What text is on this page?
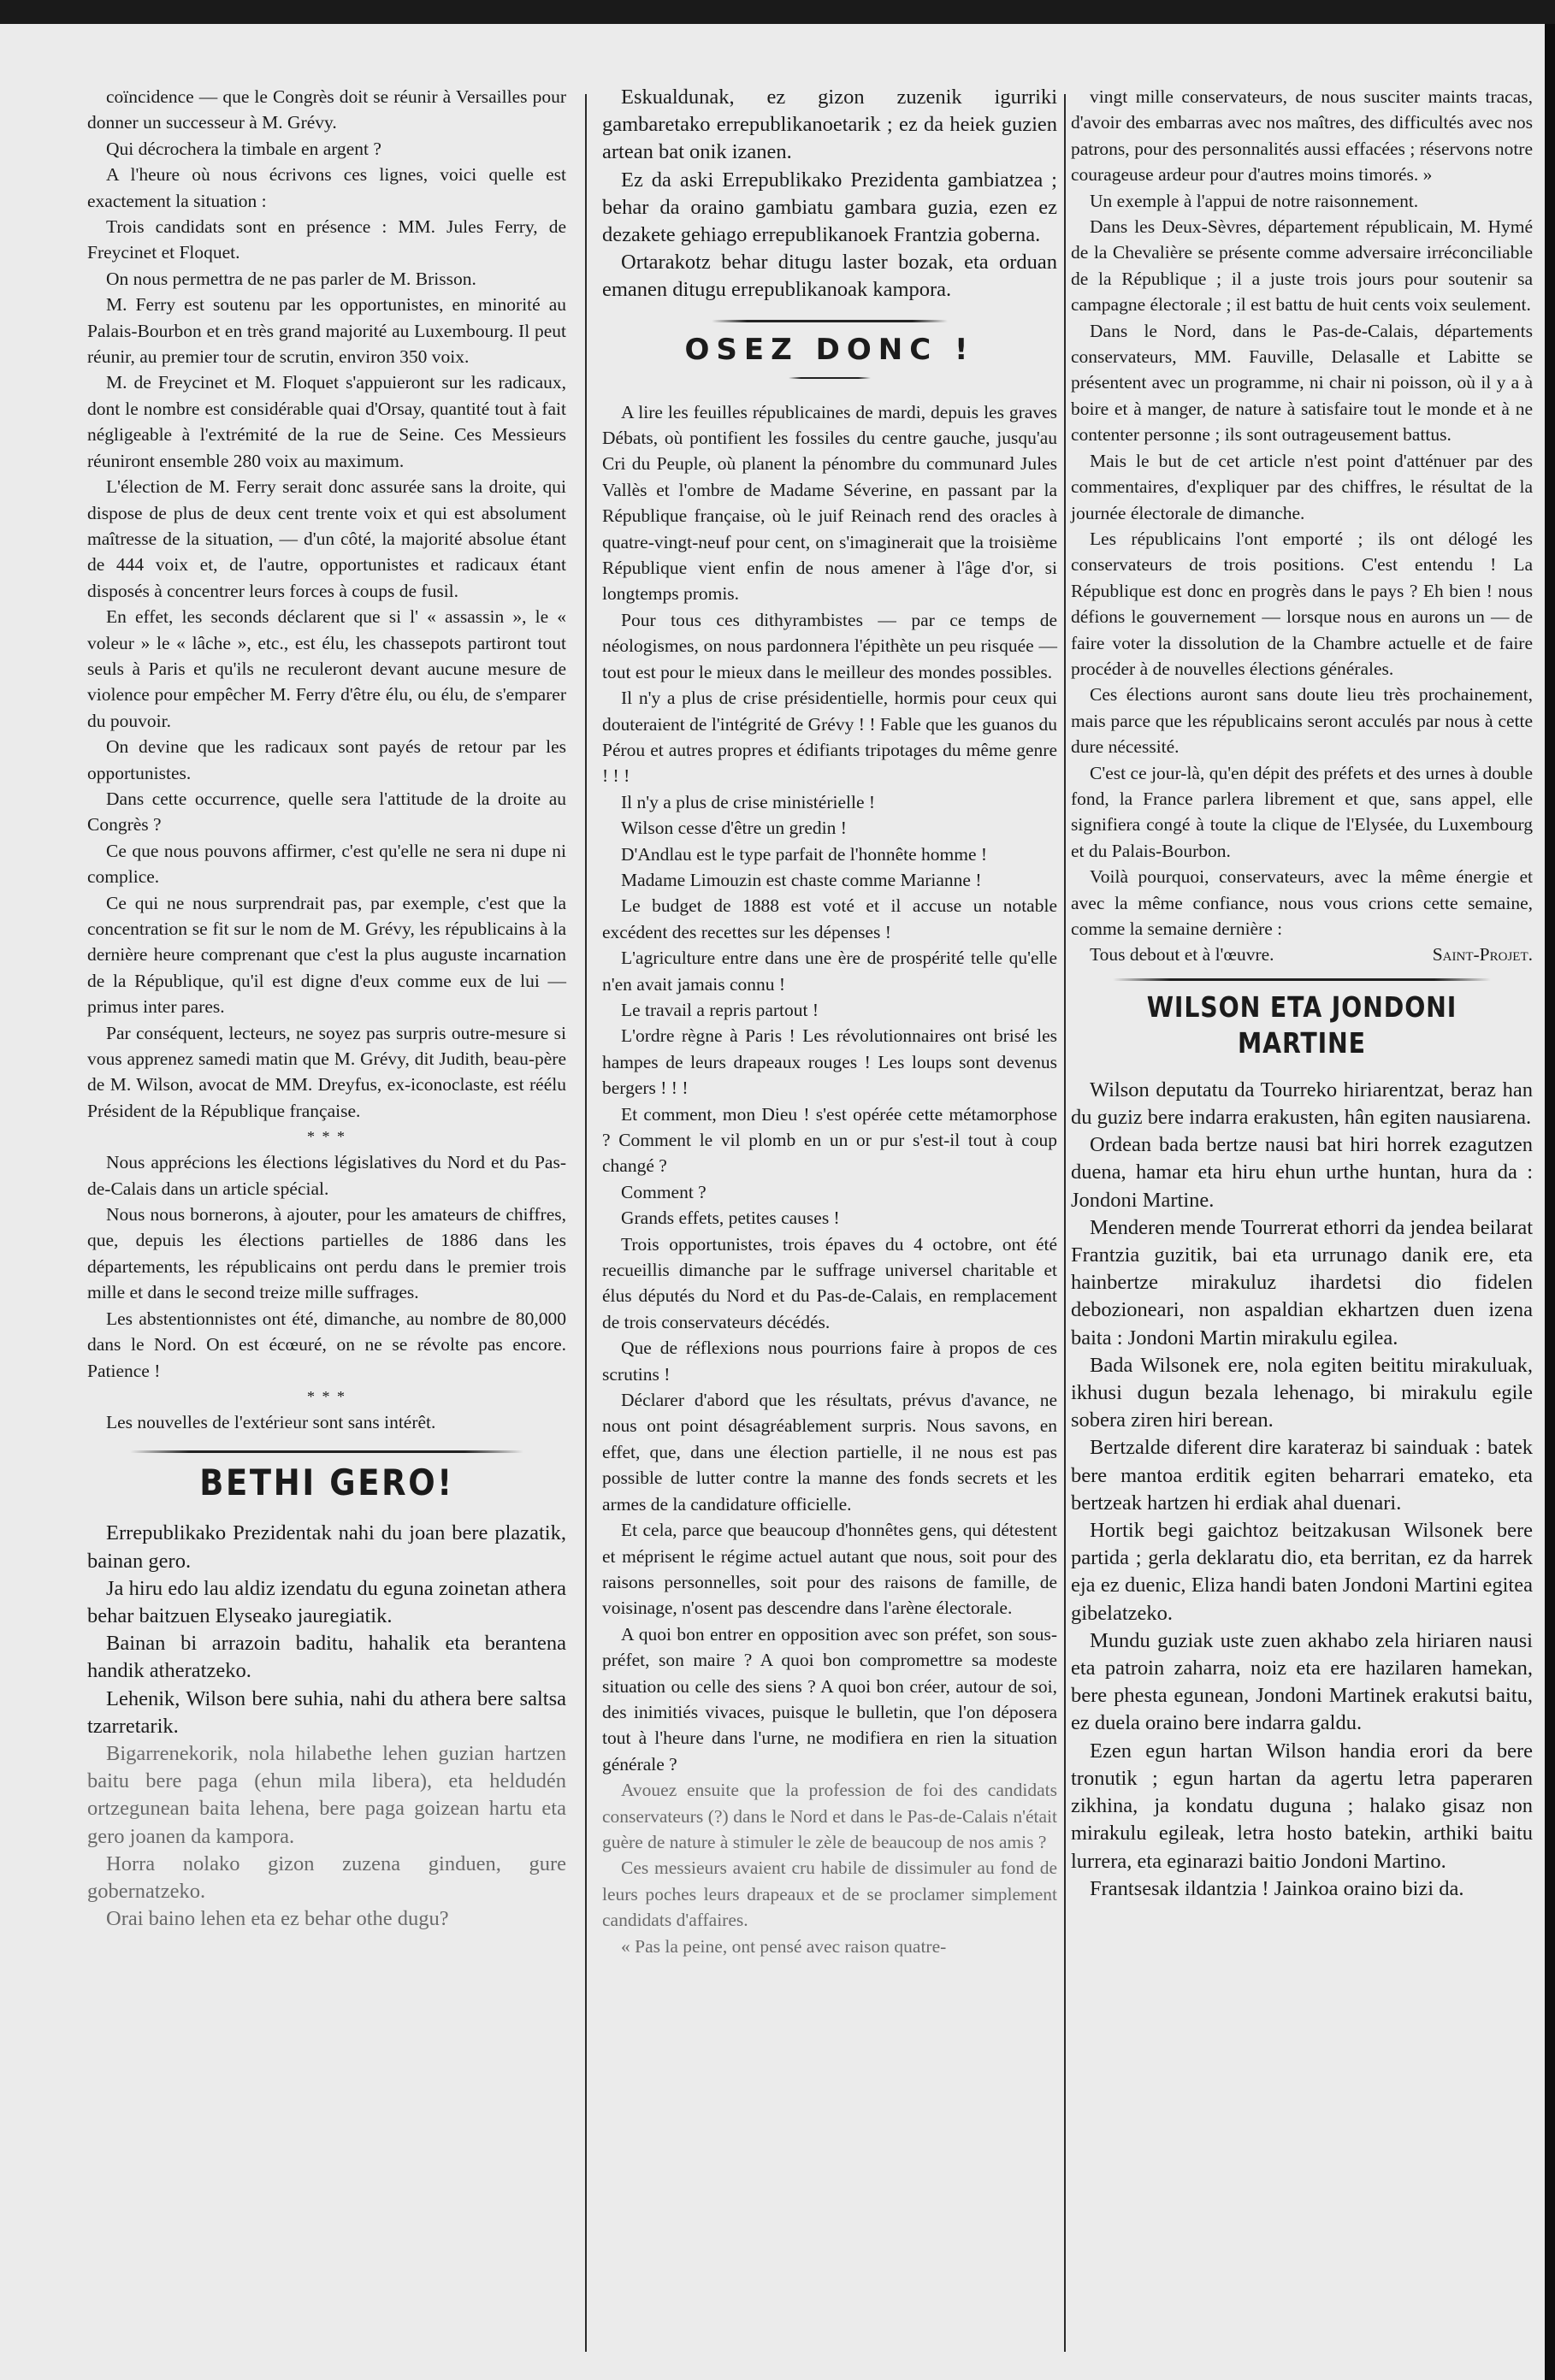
coïncidence — que le Congrès doit se réunir à Versailles pour donner un successeur à M. Grévy.

Qui décrochera la timbale en argent ?

A l'heure où nous écrivons ces lignes, voici quelle est exactement la situation :

Trois candidats sont en présence : MM. Jules Ferry, de Freycinet et Floquet.

On nous permettra de ne pas parler de M. Brisson.

M. Ferry est soutenu par les opportunistes, en minorité au Palais-Bourbon et en très grand majorité au Luxembourg. Il peut réunir, au premier tour de scrutin, environ 350 voix.

M. de Freycinet et M. Floquet s'appuieront sur les radicaux, dont le nombre est considérable quai d'Orsay, quantité tout à fait négligeable à l'extrémité de la rue de Seine. Ces Messieurs réuniront ensemble 280 voix au maximum.

L'élection de M. Ferry serait donc assurée sans la droite, qui dispose de plus de deux cent trente voix et qui est absolument maîtresse de la situation, — d'un côté, la majorité absolue étant de 444 voix et, de l'autre, opportunistes et radicaux étant disposés à concentrer leurs forces à coups de fusil.

En effet, les seconds déclarent que si l' « assassin », le « voleur » le « lâche », etc., est élu, les chassepots partiront tout seuls à Paris et qu'ils ne reculeront devant aucune mesure de violence pour empêcher M. Ferry d'être élu, ou élu, de s'emparer du pouvoir.

On devine que les radicaux sont payés de retour par les opportunistes.

Dans cette occurrence, quelle sera l'attitude de la droite au Congrès ?

Ce que nous pouvons affirmer, c'est qu'elle ne sera ni dupe ni complice.

Ce qui ne nous surprendrait pas, par exemple, c'est que la concentration se fit sur le nom de M. Grévy, les républicains à la dernière heure comprenant que c'est la plus auguste incarnation de la République, qu'il est digne d'eux comme eux de lui — primus inter pares.

Par conséquent, lecteurs, ne soyez pas surpris outre-mesure si vous apprenez samedi matin que M. Grévy, dit Judith, beau-père de M. Wilson, avocat de MM. Dreyfus, ex-iconoclaste, est réélu Président de la République française.

* * *

Nous apprécions les élections législatives du Nord et du Pas-de-Calais dans un article spécial.

Nous nous bornerons, à ajouter, pour les amateurs de chiffres, que, depuis les élections partielles de 1886 dans les départements, les républicains ont perdu dans le premier trois mille et dans le second treize mille suffrages.

Les abstentionnistes ont été, dimanche, au nombre de 80,000 dans le Nord. On est écœuré, on ne se révolte pas encore. Patience !

* * *

Les nouvelles de l'extérieur sont sans intérêt.

BETHI GERO!

Errepublikako Prezidentak nahi du joan bere plazatik, bainan gero.

Ja hiru edo lau aldiz izendatu du eguna zoinetan athera behar baitzuen Elyseako jauregiatik.

Bainan bi arrazoin baditu, hahalik eta berantena handik atheratzeko.

Lehenik, Wilson bere suhia, nahi du athera bere saltsa tzarretarik.

Bigarrenekorik, nola hilabethe lehen guzian hartzen baitu bere paga (ehun mila libera), eta heldudén ortzegunean baita lehena, bere paga goizean hartu eta gero joanen da kampora.

Horra nolako gizon zuzena ginduen, gure gobernatzeko.

Orai baino lehen eta ez behar othe dugu?

Eskualdunak, ez gizon zuzenik igurriki gambaretako errepublikanoetarik ; ez da heiek guzien artean bat onik izanen.

Ez da aski Errepublikako Prezidenta gambiatzea ; behar da oraino gambiatu gambara guzia, ezen ez dezakete gehiago errepublikanoek Frantzia goberna.

Ortarakotz behar ditugu laster bozak, eta orduan emanen ditugu errepublikanoak kampora.

OSEZ DONC !

A lire les feuilles républicaines de mardi, depuis les graves Débats, où pontifient les fossiles du centre gauche, jusqu'au Cri du Peuple, où planent la pénombre du communard Jules Vallès et l'ombre de Madame Séverine, en passant par la République française, où le juif Reinach rend des oracles à quatre-vingt-neuf pour cent, on s'imaginerait que la troisième République vient enfin de nous amener à l'âge d'or, si longtemps promis.

Pour tous ces dithyrambistes — par ce temps de néologismes, on nous pardonnera l'épithète un peu risquée — tout est pour le mieux dans le meilleur des mondes possibles.

Il n'y a plus de crise présidentielle, hormis pour ceux qui douteraient de l'intégrité de Grévy ! ! Fable que les guanos du Pérou et autres propres et édifiants tripotages du même genre ! ! !

Il n'y a plus de crise ministérielle !

Wilson cesse d'être un gredin !

D'Andlau est le type parfait de l'honnête homme !

Madame Limouzin est chaste comme Marianne !

Le budget de 1888 est voté et il accuse un notable excédent des recettes sur les dépenses !

L'agriculture entre dans une ère de prospérité telle qu'elle n'en avait jamais connu !

Le travail a repris partout !

L'ordre règne à Paris ! Les révolutionnaires ont brisé les hampes de leurs drapeaux rouges ! Les loups sont devenus bergers ! ! !

Et comment, mon Dieu ! s'est opérée cette métamorphose ? Comment le vil plomb en un or pur s'est-il tout à coup changé ?

Comment ?

Grands effets, petites causes !

Trois opportunistes, trois épaves du 4 octobre, ont été recueillis dimanche par le suffrage universel charitable et élus députés du Nord et du Pas-de-Calais, en remplacement de trois conservateurs décédés.

Que de réflexions nous pourrions faire à propos de ces scrutins !

Déclarer d'abord que les résultats, prévus d'avance, ne nous ont point désagréablement surpris. Nous savons, en effet, que, dans une élection partielle, il ne nous est pas possible de lutter contre la manne des fonds secrets et les armes de la candidature officielle.

Et cela, parce que beaucoup d'honnêtes gens, qui détestent et méprisent le régime actuel autant que nous, soit pour des raisons personnelles, soit pour des raisons de famille, de voisinage, n'osent pas descendre dans l'arène électorale.

A quoi bon entrer en opposition avec son préfet, son sous-préfet, son maire ? A quoi bon compromettre sa modeste situation ou celle des siens ? A quoi bon créer, autour de soi, des inimitiés vivaces, puisque le bulletin, que l'on déposera tout à l'heure dans l'urne, ne modifiera en rien la situation générale ?

Avouez ensuite que la profession de foi des candidats conservateurs (?) dans le Nord et dans le Pas-de-Calais n'était guère de nature à stimuler le zèle de beaucoup de nos amis ?

Ces messieurs avaient cru habile de dissimuler au fond de leurs poches leurs drapeaux et de se proclamer simplement candidats d'affaires.

« Pas la peine, ont pensé avec raison quatre-

vingt mille conservateurs, de nous susciter maints tracas, d'avoir des embarras avec nos maîtres, des difficultés avec nos patrons, pour des personnalités aussi effacées ; réservons notre courageuse ardeur pour d'autres moins timorés. »

Un exemple à l'appui de notre raisonnement.

Dans les Deux-Sèvres, département républicain, M. Hymé de la Chevalière se présente comme adversaire irréconciliable de la République ; il a juste trois jours pour soutenir sa campagne électorale ; il est battu de huit cents voix seulement.

Dans le Nord, dans le Pas-de-Calais, départements conservateurs, MM. Fauville, Delasalle et Labitte se présentent avec un programme, ni chair ni poisson, où il y a à boire et à manger, de nature à satisfaire tout le monde et à ne contenter personne ; ils sont outrageusement battus.

Mais le but de cet article n'est point d'atténuer par des commentaires, d'expliquer par des chiffres, le résultat de la journée électorale de dimanche.

Les républicains l'ont emporté ; ils ont délogé les conservateurs de trois positions. C'est entendu ! La République est donc en progrès dans le pays ? Eh bien ! nous défions le gouvernement — lorsque nous en aurons un — de faire voter la dissolution de la Chambre actuelle et de faire procéder à de nouvelles élections générales.

Ces élections auront sans doute lieu très prochainement, mais parce que les républicains seront acculés par nous à cette dure nécessité.

C'est ce jour-là, qu'en dépit des préfets et des urnes à double fond, la France parlera librement et que, sans appel, elle signifiera congé à toute la clique de l'Elysée, du Luxembourg et du Palais-Bourbon.

Voilà pourquoi, conservateurs, avec la même énergie et avec la même confiance, nous vous crions cette semaine, comme la semaine dernière :

Tous debout et à l'œuvre.	Saint-Projet.

WILSON ETA JONDONI MARTINE

Wilson deputatu da Tourreko hiriarentzat, beraz han du guziz bere indarra erakusten, hân egiten nausiarena.

Ordean bada bertze nausi bat hiri horrek ezagutzen duena, hamar eta hiru ehun urthe huntan, hura da : Jondoni Martine.

Menderen mende Tourrerat ethorri da jendea beilarat Frantzia guzitik, bai eta urrunago danik ere, eta hainbertze mirakuluz ihardetsi dio fidelen debozioneari, non aspaldian ekhartzen duen izena baita : Jondoni Martin mirakulu egilea.

Bada Wilsonek ere, nola egiten beititu mirakuluak, ikhusi dugun bezala lehenago, bi mirakulu egile sobera ziren hiri berean.

Bertzalde diferent dire karateraz bi sainduak : batek bere mantoa erditik egiten beharrari emateko, eta bertzeak hartzen hi erdiak ahal duenari.

Hortik begi gaichtoz beitzakusan Wilsonek bere partida ; gerla deklaratu dio, eta berritan, ez da harrek eja ez duenic, Eliza handi baten Jondoni Martini egitea gibelatzeko.

Mundu guziak uste zuen akhabo zela hiriaren nausi eta patroin zaharra, noiz eta ere hazilaren hamekan, bere phesta egunean, Jondoni Martinek erakutsi baitu, ez duela oraino bere indarra galdu.

Ezen egun hartan Wilson handia erori da bere tronutik ; egun hartan da agertu letra paperaren zikhina, ja kondatu duguna ; halako gisaz non mirakulu egileak, letra hosto batekin, arthiki baitu lurrera, eta eginarazi baitio Jondoni Martino.

Frantsesak ildantzia ! Jainkoa oraino bizi da.
